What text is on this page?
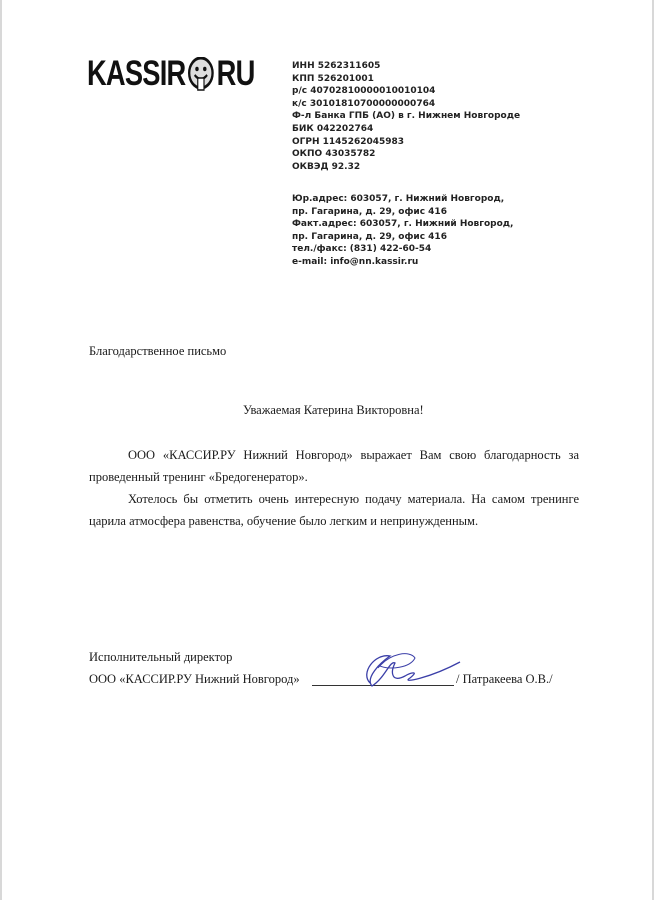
KASSIR RU	ИНН 5262311605
КПП 526201001
р/с 40702810000010010104
к/с 30101810700000000764
Ф-л Банка ГПБ (АО) в г. Нижнем Новгороде
БИК 042202764
ОГРН 1145262045983
ОКПО 43035782
ОКВЭД 92.32
Юр.адрес: 603057, г. Нижний Новгород,
пр. Гагарина, д. 29, офис 416
Факт.адрес: 603057, г. Нижний Новгород,
пр. Гагарина, д. 29, офис 416
тел./факс: (831) 422-60-54
e-mail: info@nn.kassir.ru
Благодарственное письмо
Уважаемая Катерина Викторовна!
ООО «КАССИР.РУ Нижний Новгород» выражает Вам свою благодарность за проведенный тренинг «Бредогенератор».
Хотелось бы отметить очень интересную подачу материала. На самом тренинге царила атмосфера равенства, обучение было легким и непринужденным.
Исполнительный директор
ООО «КАССИР.РУ Нижний Новгород»	/ Патракеева О.В./
